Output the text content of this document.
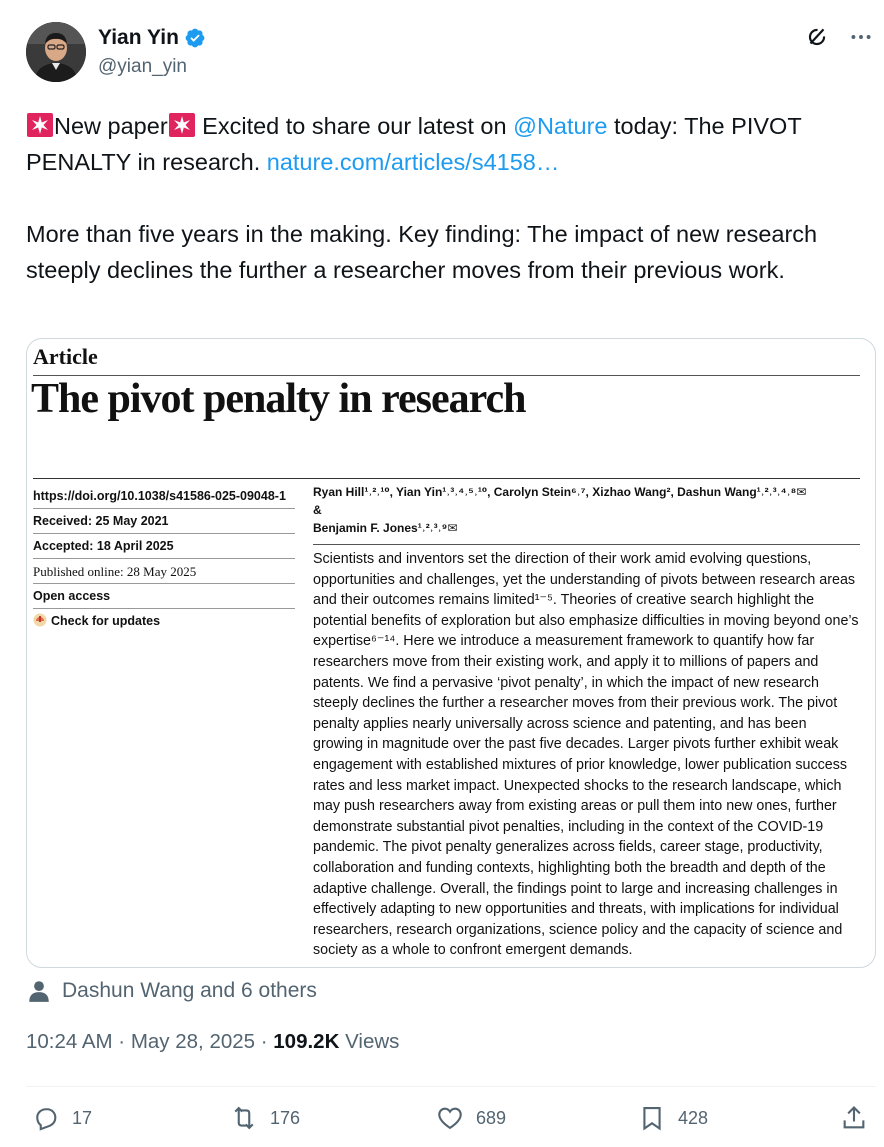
Yian Yin
@yian_yin

New paper Excited to share our latest on @Nature today: The PIVOT PENALTY in research. nature.com/articles/s4158…

More than five years in the making. Key finding: The impact of new research steeply declines the further a researcher moves from their previous work.

Article
The pivot penalty in research
https://doi.org/10.1038/s41586-025-09048-1
Received: 25 May 2021
Accepted: 18 April 2025
Published online: 28 May 2025
Open access
Check for updates
Ryan Hill¹˒²˒¹⁰, Yian Yin¹˒³˒⁴˒⁵˒¹⁰, Carolyn Stein⁶˒⁷, Xizhao Wang², Dashun Wang¹˒²˒³˒⁴˒⁸✉ &
Benjamin F. Jones¹˒²˒³˒⁹✉
Scientists and inventors set the direction of their work amid evolving questions, opportunities and challenges, yet the understanding of pivots between research areas and their outcomes remains limited¹⁻⁵. Theories of creative search highlight the potential benefits of exploration but also emphasize difficulties in moving beyond one’s expertise⁶⁻¹⁴. Here we introduce a measurement framework to quantify how far researchers move from their existing work, and apply it to millions of papers and patents. We find a pervasive ‘pivot penalty’, in which the impact of new research steeply declines the further a researcher moves from their previous work. The pivot penalty applies nearly universally across science and patenting, and has been growing in magnitude over the past five decades. Larger pivots further exhibit weak engagement with established mixtures of prior knowledge, lower publication success rates and less market impact. Unexpected shocks to the research landscape, which may push researchers away from existing areas or pull them into new ones, further demonstrate substantial pivot penalties, including in the context of the COVID-19 pandemic. The pivot penalty generalizes across fields, career stage, productivity, collaboration and funding contexts, highlighting both the breadth and depth of the adaptive challenge. Overall, the findings point to large and increasing challenges in effectively adapting to new opportunities and threats, with implications for individual researchers, research organizations, science policy and the capacity of science and society as a whole to confront emergent demands.
Dashun Wang and 6 others
10:24 AM · May 28, 2025 · 109.2K Views
17	176	689	428
